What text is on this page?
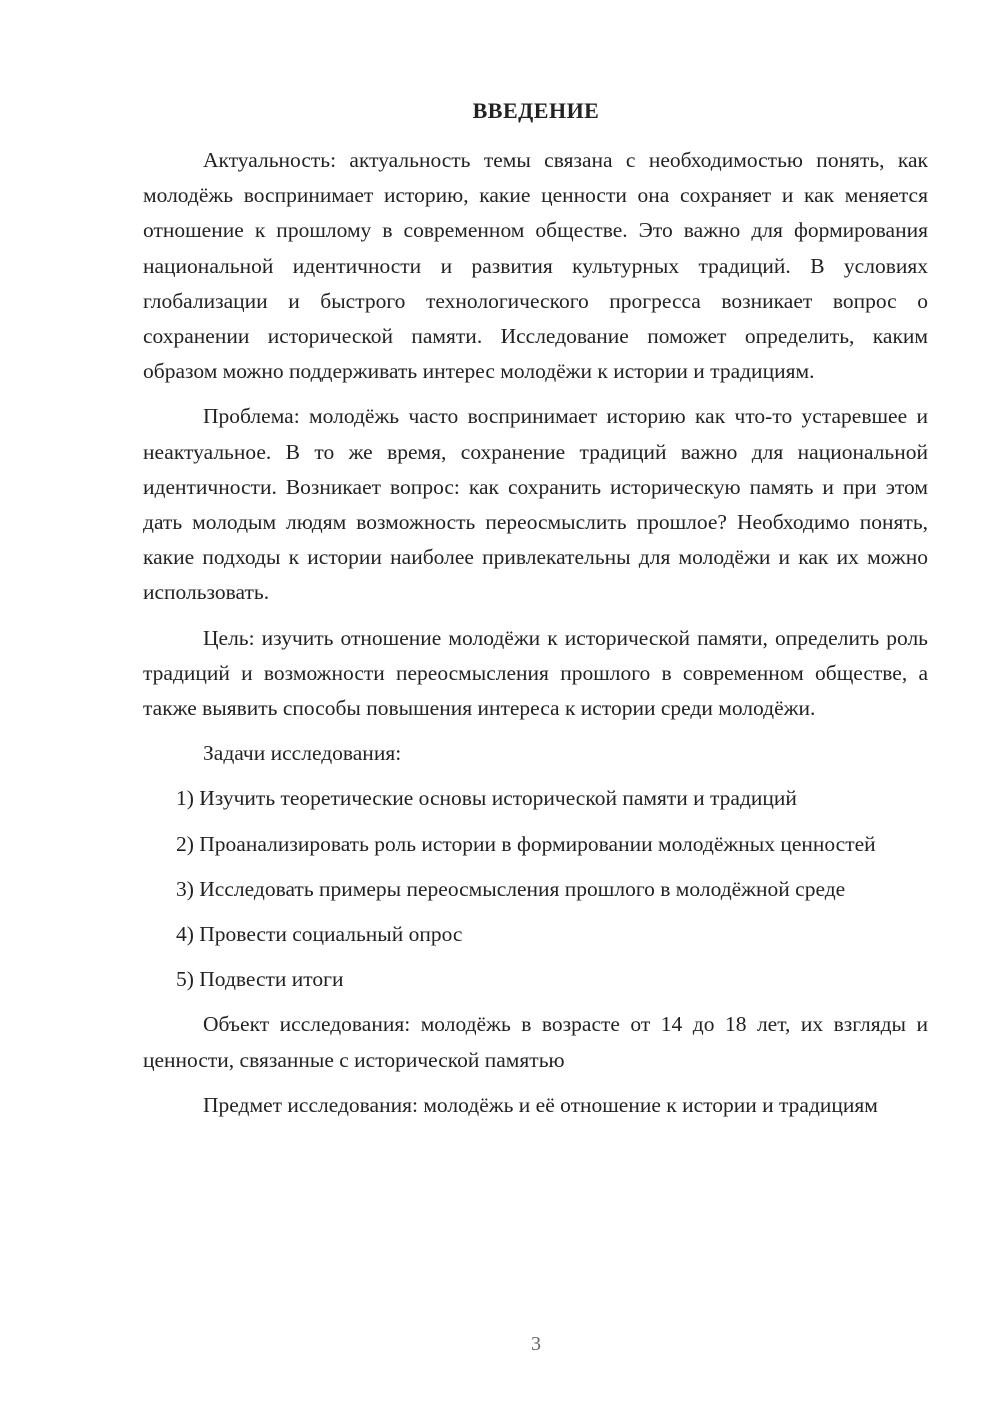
ВВЕДЕНИЕ

Актуальность: актуальность темы связана с необходимостью понять, как молодёжь воспринимает историю, какие ценности она сохраняет и как меняется отношение к прошлому в современном обществе. Это важно для формирования национальной идентичности и развития культурных традиций. В условиях глобализации и быстрого технологического прогресса возникает вопрос о сохранении исторической памяти. Исследование поможет определить, каким образом можно поддерживать интерес молодёжи к истории и традициям.

Проблема: молодёжь часто воспринимает историю как что-то устаревшее и неактуальное. В то же время, сохранение традиций важно для национальной идентичности. Возникает вопрос: как сохранить историческую память и при этом дать молодым людям возможность переосмыслить прошлое? Необходимо понять, какие подходы к истории наиболее привлекательны для молодёжи и как их можно использовать.

Цель: изучить отношение молодёжи к исторической памяти, определить роль традиций и возможности переосмысления прошлого в современном обществе, а также выявить способы повышения интереса к истории среди молодёжи.

Задачи исследования:

1) Изучить теоретические основы исторической памяти и традиций

2) Проанализировать роль истории в формировании молодёжных ценностей

3) Исследовать примеры переосмысления прошлого в молодёжной среде

4) Провести социальный опрос

5) Подвести итоги

Объект исследования: молодёжь в возрасте от 14 до 18 лет, их взгляды и ценности, связанные с исторической памятью

Предмет исследования: молодёжь и её отношение к истории и традициям

3
